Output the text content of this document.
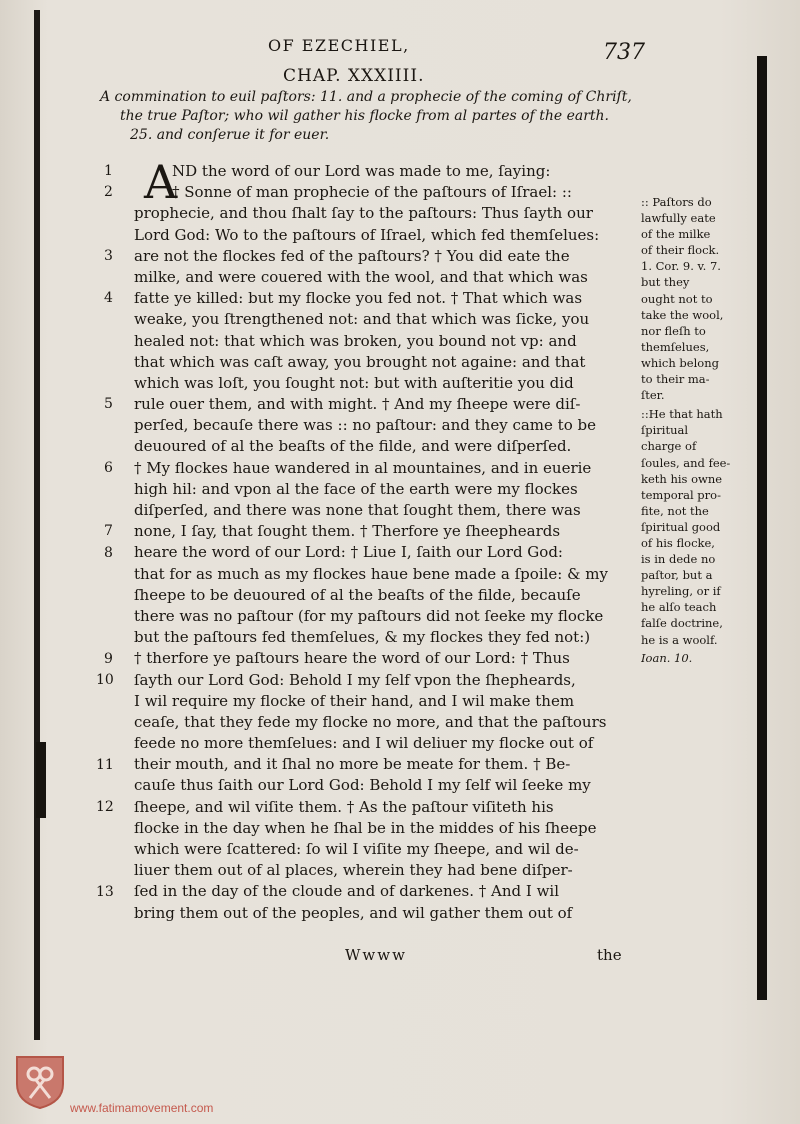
OF EZECHIEL,	737
CHAP. XXXIIII.
A commination to euil paſtors: 11. and a prophecie of the coming of Chriſt,
the true Paſtor; who wil gather his flocke from al partes of the earth.
25. and conſerue it for euer.
A
1
2
3
4
5
6
7
8
9
10
11
12
13
ND the word of our Lord was made to me, ſaying:
† Sonne of man prophecie of the paſtours of Iſrael: ::
prophecie, and thou ſhalt ſay to the paſtours: Thus ſayth our
Lord God: Wo to the paſtours of Iſrael, which fed themſelues:
are not the flockes fed of the paſtours? † You did eate the
milke, and were couered with the wool, and that which was
fatte ye killed: but my flocke you fed not. † That which was
weake, you ſtrengthened not: and that which was ſicke, you
healed not: that which was broken, you bound not vp: and
that which was caſt away, you brought not againe: and that
which was loſt, you ſought not: but with auſteritie you did
rule ouer them, and with might. † And my ſheepe were diſ-
perſed, becauſe there was :: no paſtour: and they came to be
deuoured of al the beaſts of the filde, and were diſperſed.
† My flockes haue wandered in al mountaines, and in euerie
high hil: and vpon al the face of the earth were my flockes
diſperſed, and there was none that ſought them, there was
none, I ſay, that ſought them. † Therfore ye ſheepheards
heare the word of our Lord: † Liue I, ſaith our Lord God:
that for as much as my flockes haue bene made a ſpoile: & my
ſheepe to be deuoured of al the beaſts of the filde, becauſe
there was no paſtour (for my paſtours did not ſeeke my flocke
but the paſtours fed themſelues, & my flockes they fed not:)
† therfore ye paſtours heare the word of our Lord: † Thus
ſayth our Lord God: Behold I my ſelf vpon the ſhepheards,
I wil require my flocke of their hand, and I wil make them
ceaſe, that they fede my flocke no more, and that the paſtours
feede no more themſelues: and I wil deliuer my flocke out of
their mouth, and it ſhal no more be meate for them. † Be-
cauſe thus ſaith our Lord God: Behold I my ſelf wil ſeeke my
ſheepe, and wil viſite them. † As the paſtour viſiteth his
flocke in the day when he ſhal be in the middes of his ſheepe
which were ſcattered: ſo wil I viſite my ſheepe, and wil de-
liuer them out of al places, wherein they had bene diſper-
ſed in the day of the cloude and of darkenes. † And I wil
bring them out of the peoples, and wil gather them out of
:: Paſtors do
lawfully eate
of the milke
of their flock.
1. Cor. 9. v. 7.
but they
ought not to
take the wool,
nor fleſh to
themſelues,
which belong
to their ma-
ſter.
::He that hath
ſpiritual
charge of
ſoules, and fee-
keth his owne
temporal pro-
fite, not the
ſpiritual good
of his flocke,
is in dede no
paſtor, but a
hyreling, or if
he alſo teach
falſe doctrine,
he is a woolf.
Ioan. 10.
Wwww	the
www.fatimamovement.com
